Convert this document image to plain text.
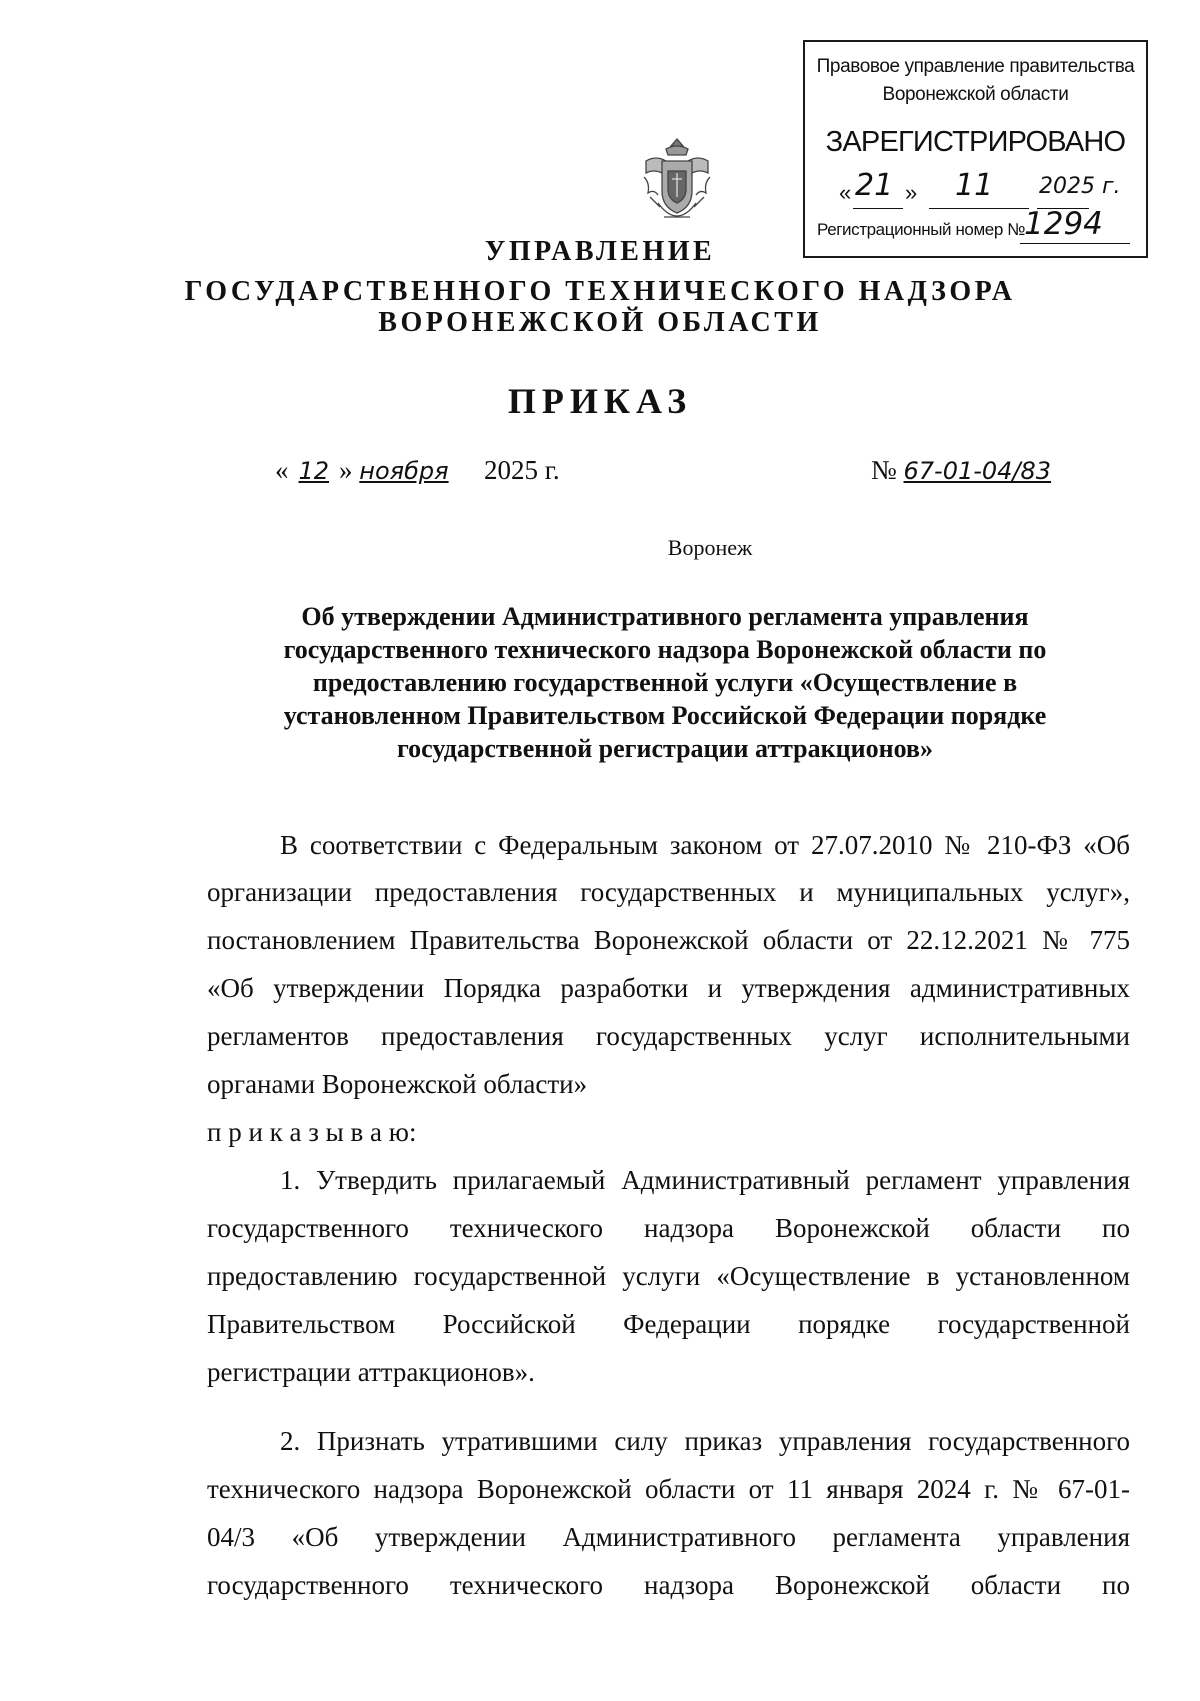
Правовое управление правительства
Воронежской области
ЗАРЕГИСТРИРОВАНО
« 21 » 11 2025 г.
Регистрационный номер №
1294
УПРАВЛЕНИЕ
ГОСУДАРСТВЕННОГО ТЕХНИЧЕСКОГО НАДЗОРА
ВОРОНЕЖСКОЙ ОБЛАСТИ
ПРИКАЗ
« 12 » ноября 2025 г.	№ 67-01-04/83
Воронеж
Об утверждении Административного регламента управления
государственного технического надзора Воронежской области по
предоставлению государственной услуги «Осуществление в
установленном Правительством Российской Федерации порядке
государственной регистрации аттракционов»
В соответствии с Федеральным законом от 27.07.2010 № 210-ФЗ «Об
организации предоставления государственных и муниципальных услуг»,
постановлением Правительства Воронежской области от 22.12.2021 № 775
«Об утверждении Порядка разработки и утверждения административных
регламентов предоставления государственных услуг исполнительными
органами Воронежской области»
п р и к а з ы в а ю:
1. Утвердить прилагаемый Административный регламент управления
государственного технического надзора Воронежской области по
предоставлению государственной услуги «Осуществление в установленном
Правительством Российской Федерации порядке государственной
регистрации аттракционов».
2. Признать утратившими силу приказ управления государственного
технического надзора Воронежской области от 11 января 2024 г. № 67-01-
04/3 «Об утверждении Административного регламента управления
государственного технического надзора Воронежской области по
